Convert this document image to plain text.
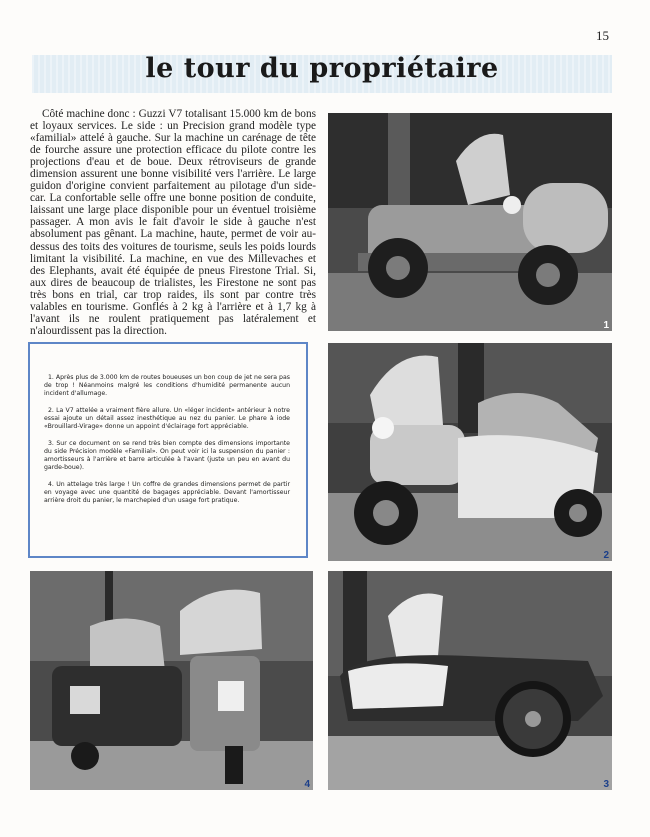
15
le tour du propriétaire

Côté machine donc : Guzzi V7 totalisant 15.000 km de bons et loyaux services. Le side : un Precision grand modèle type «familial» attelé à gauche. Sur la machine un carénage de tête de fourche assure une protection efficace du pilote contre les projections d'eau et de boue. Deux rétroviseurs de grande dimension assurent une bonne visibilité vers l'arrière. Le large guidon d'origine convient parfaitement au pilotage d'un side-car. La confortable selle offre une bonne position de conduite, laissant une large place disponible pour un éventuel troisième passager. A mon avis le fait d'avoir le side à gauche n'est absolument pas gênant. La machine, haute, permet de voir au-dessus des toits des voitures de tourisme, seuls les poids lourds limitant la visibilité. La machine, en vue des Millevaches et des Elephants, avait été équipée de pneus Firestone Trial. Si, aux dires de beaucoup de trialistes, les Firestone ne sont pas très bons en trial, car trop raides, ils sont par contre très valables en tourisme. Gonflés à 2 kg à l'arrière et à 1,7 kg à l'avant ils ne roulent pratiquement pas latéralement et n'alourdissent pas la direction.

1. Après plus de 3.000 km de routes boueuses un bon coup de jet ne sera pas de trop ! Néanmoins malgré les conditions d'humidité permanente aucun incident d'allumage.

2. La V7 attelée a vraiment fière allure. Un «léger incident» antérieur à notre essai ajoute un détail assez inesthétique au nez du panier. Le phare à iode «Brouillard-Virage» donne un appoint d'éclairage fort appréciable.

3. Sur ce document on se rend très bien compte des dimensions importante du side Précision modèle «Familial». On peut voir ici la suspension du panier : amortisseurs à l'arrière et barre articulée à l'avant (juste un peu en avant du garde-boue).

4. Un attelage très large ! Un coffre de grandes dimensions permet de partir en voyage avec une quantité de bagages appréciable. Devant l'amortisseur arrière droit du panier, le marchepied d'un usage fort pratique.

1
2
4	3
